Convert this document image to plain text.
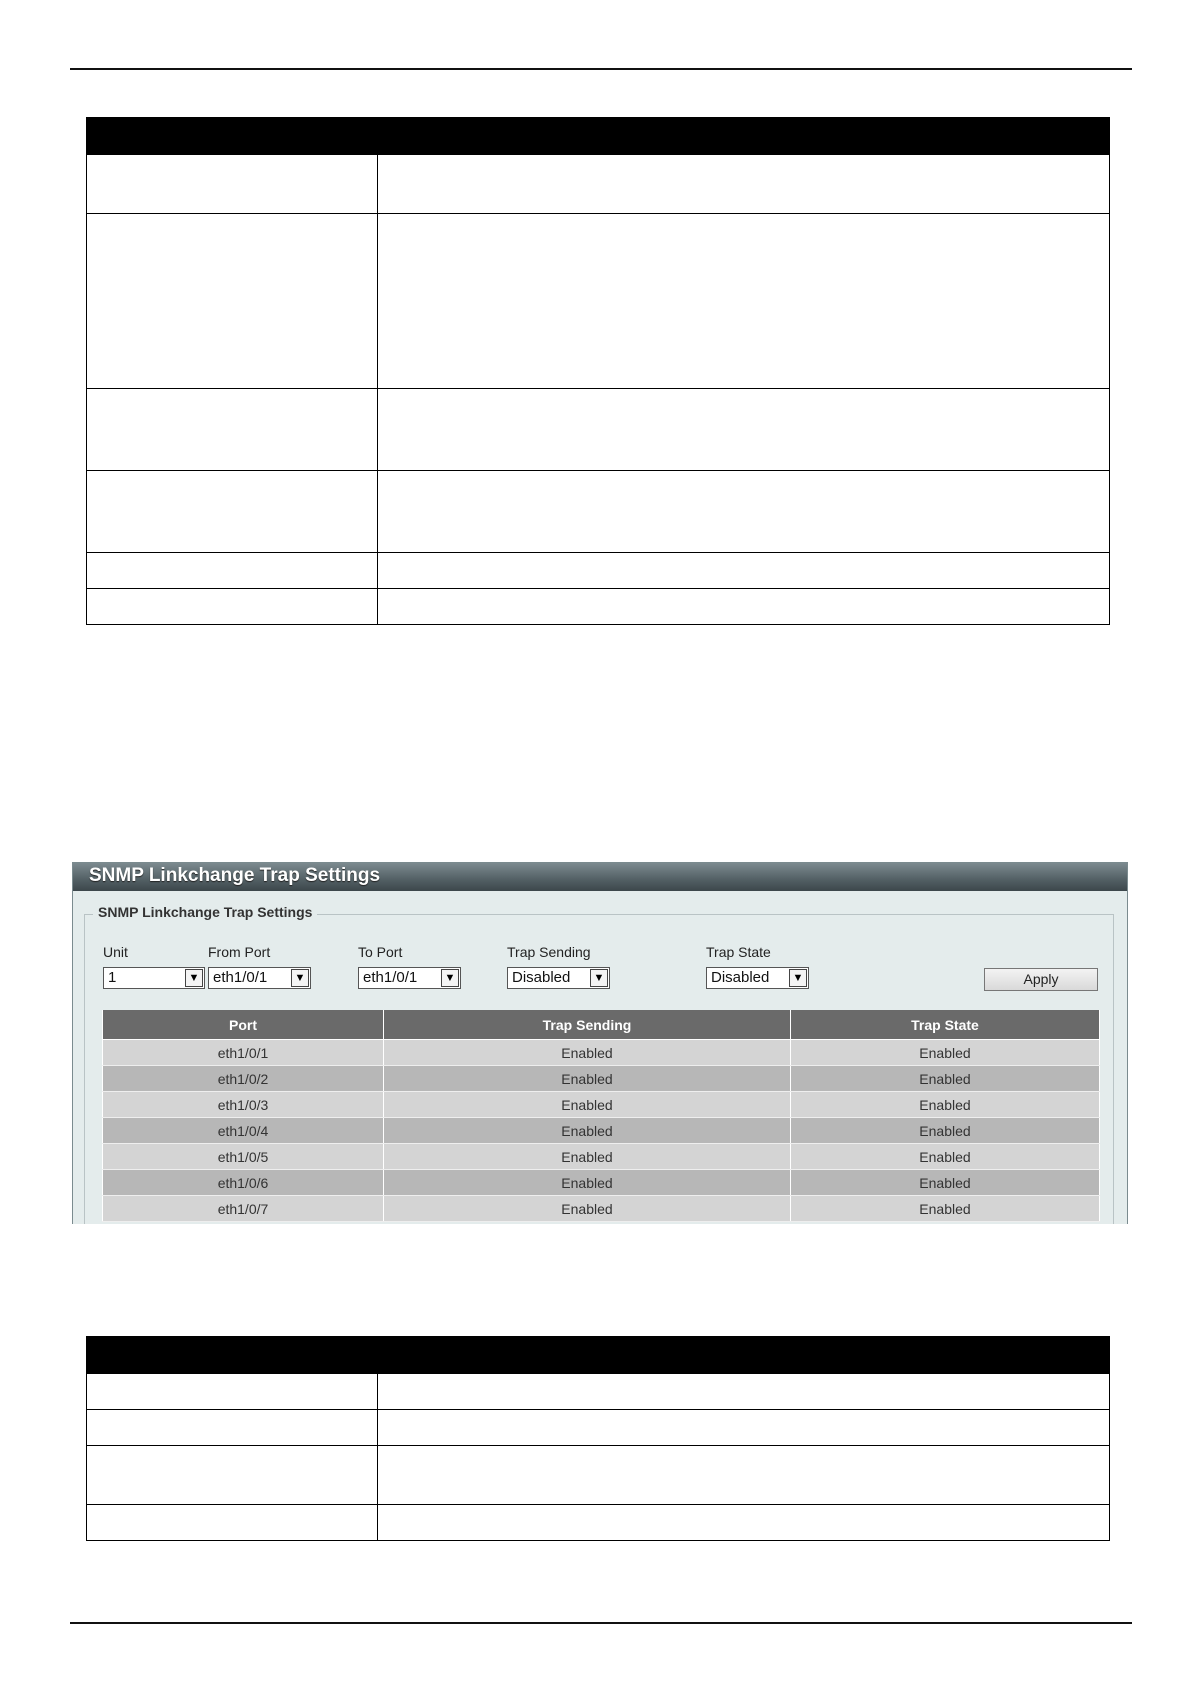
SNMP Linkchange Trap Settings
SNMP Linkchange Trap Settings
Unit	From Port	To Port	Trap Sending	Trap State
1	▼ eth1/0/1	▼	eth1/0/1	▼	Disabled	▼	Disabled	▼	Apply
Port	Trap Sending	Trap State
eth1/0/1	Enabled	Enabled
eth1/0/2	Enabled	Enabled
eth1/0/3	Enabled	Enabled
eth1/0/4	Enabled	Enabled
eth1/0/5	Enabled	Enabled
eth1/0/6	Enabled	Enabled
eth1/0/7	Enabled	Enabled
